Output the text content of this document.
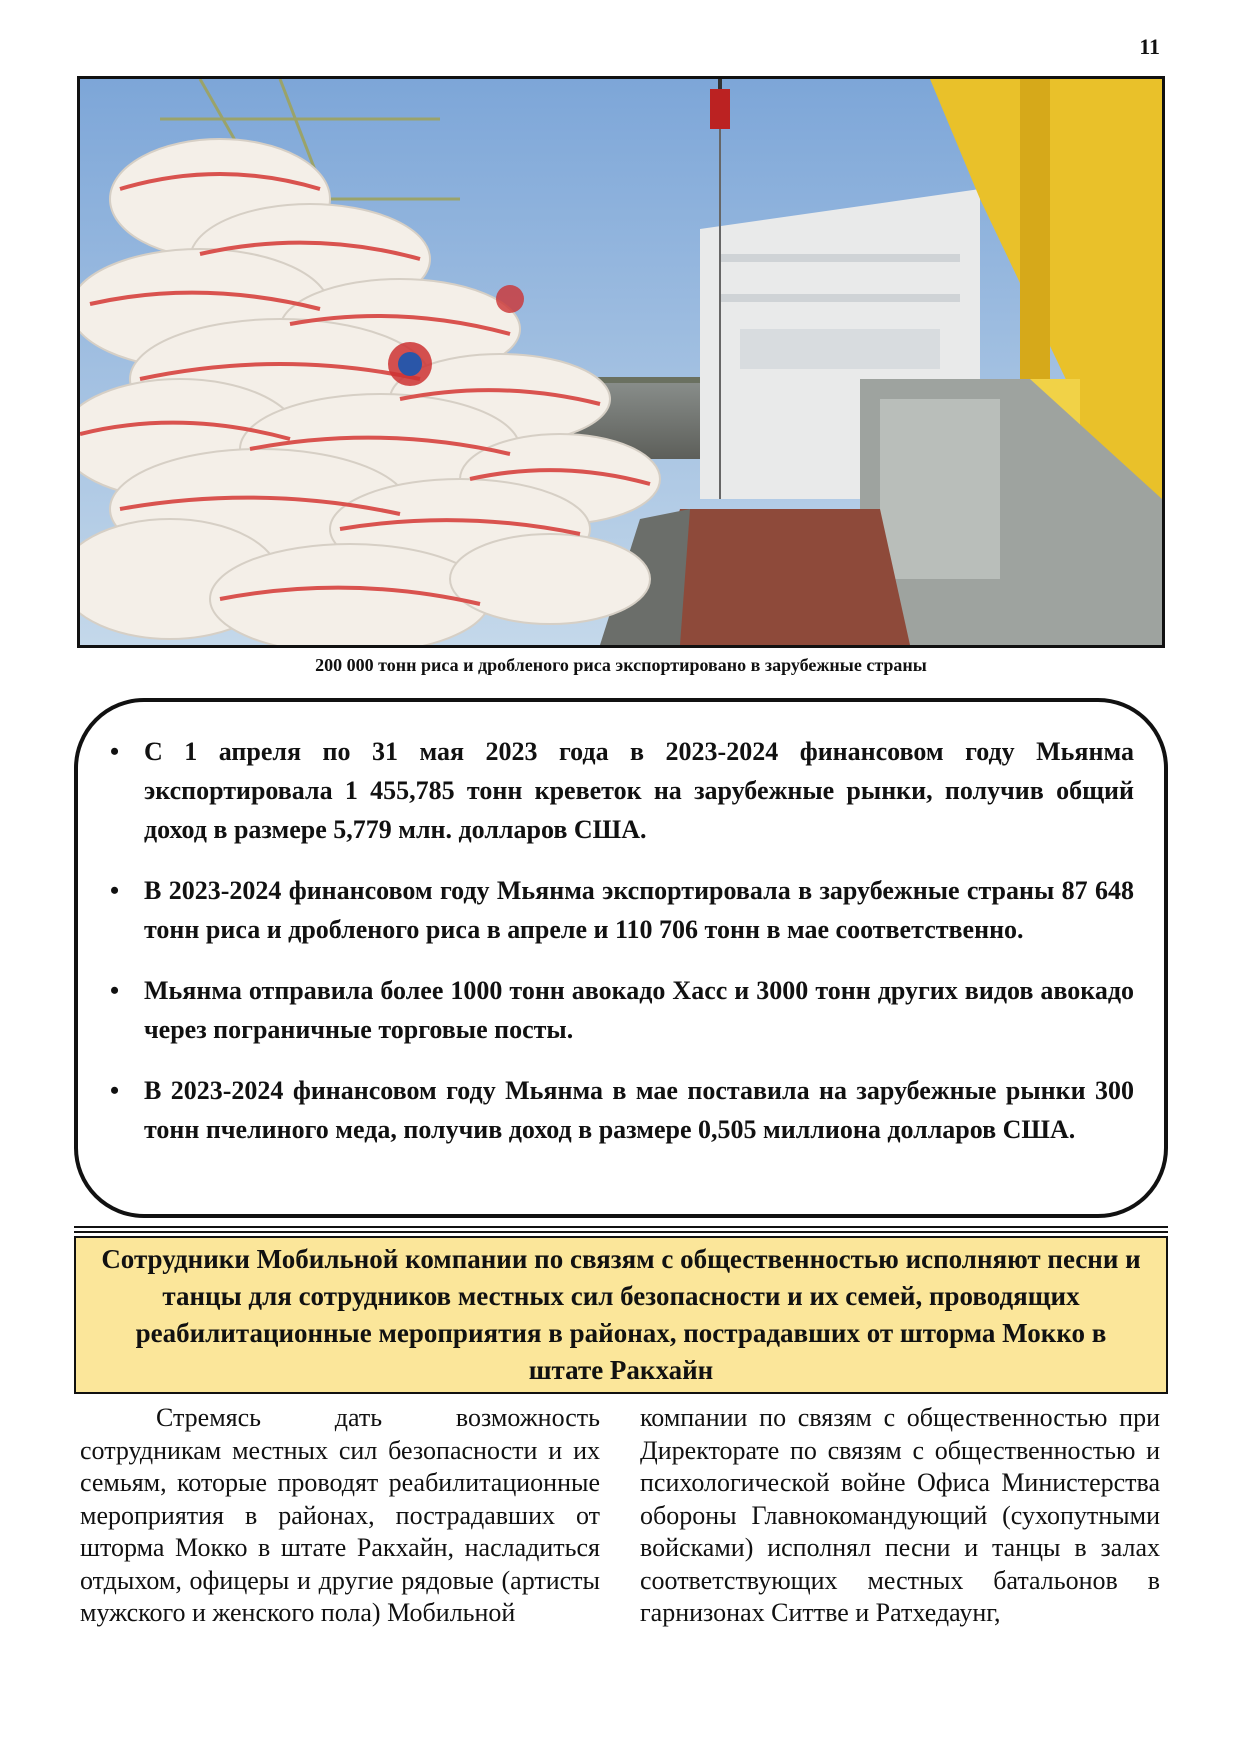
11
200 000 тонн риса и дробленого риса экспортировано в зарубежные страны
• С 1 апреля по 31 мая 2023 года в 2023-2024 финансовом году Мьянма экспортировала 1 455,785 тонн креветок на зарубежные рынки, получив общий доход в размере 5,779 млн. долларов США.
• В 2023-2024 финансовом году Мьянма экспортировала в зарубежные страны 87 648 тонн риса и дробленого риса в апреле и 110 706 тонн в мае соответственно.
• Мьянма отправила более 1000 тонн авокадо Хасс и 3000 тонн других видов авокадо через пограничные торговые посты.
• В 2023-2024 финансовом году Мьянма в мае поставила на зарубежные рынки 300 тонн пчелиного меда, получив доход в размере 0,505 миллиона долларов США.
Сотрудники Мобильной компании по связям с общественностью исполняют песни и танцы для сотрудников местных сил безопасности и их семей, проводящих реабилитационные мероприятия в районах, пострадавших от шторма Мокко в штате Ракхайн

Стремясь дать возможность сотрудникам местных сил безопасности и их семьям, которые проводят реабилитационные мероприятия в районах, пострадавших от шторма Мокко в штате Ракхайн, насладиться отдыхом, офицеры и другие рядовые (артисты мужского и женского пола) Мобильной

компании по связям с общественностью при Директорате по связям с общественностью и психологической войне Офиса Министерства обороны Главнокомандующий (сухопутными войсками) исполнял песни и танцы в залах соответствующих местных батальонов в гарнизонах Ситтве и Ратхедаунг,
